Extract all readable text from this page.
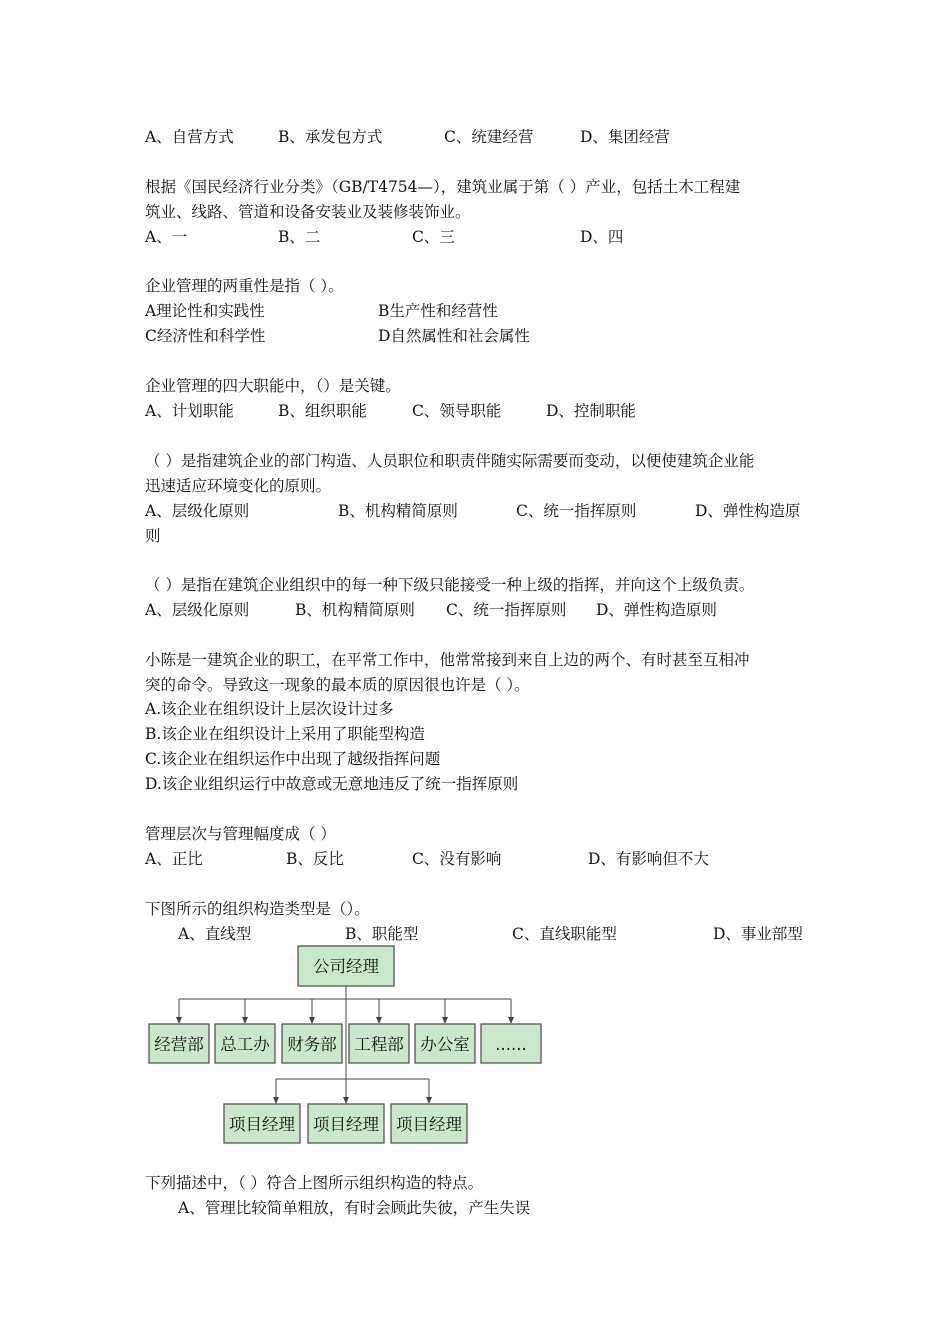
A、自营方式	B、承发包方式	C、统建经营	D、集团经营
根据《国民经济行业分类》（GB/T4754—），建筑业属于第（ ）产业，包括土木工程建
筑业、线路、管道和设备安装业及装修装饰业。
A、一	B、二	C、三	D、四
企业管理的两重性是指（ ）。
A理论性和实践性	B生产性和经营性
C经济性和科学性	D自然属性和社会属性
企业管理的四大职能中，（）是关键。
A、计划职能	B、组织职能	C、领导职能	D、控制职能
（ ）是指建筑企业的部门构造、人员职位和职责伴随实际需要而变动，以便使建筑企业能
迅速适应环境变化的原则。
A、层级化原则	B、机构精简原则	C、统一指挥原则	D、弹性构造原
则
（ ）是指在建筑企业组织中的每一种下级只能接受一种上级的指挥，并向这个上级负责。
A、层级化原则	B、机构精简原则 C、统一指挥原则 D、弹性构造原则
小陈是一建筑企业的职工，在平常工作中，他常常接到来自上边的两个、有时甚至互相冲
突的命令。导致这一现象的最本质的原因很也许是（ ）。
A.该企业在组织设计上层次设计过多
B.该企业在组织设计上采用了职能型构造
C.该企业在组织运作中出现了越级指挥问题
D.该企业组织运行中故意或无意地违反了统一指挥原则
管理层次与管理幅度成（ ）
A、正比	B、反比	C、没有影响	D、有影响但不大
下图所示的组织构造类型是（）。
A、直线型	B、职能型	C、直线职能型	D、事业部型
公司经理
经营部 总工办 财务部 工程部 办公室 ......
项目经理 项目经理 项目经理
下列描述中，（ ）符合上图所示组织构造的特点。
A、管理比较简单粗放，有时会顾此失彼，产生失误
